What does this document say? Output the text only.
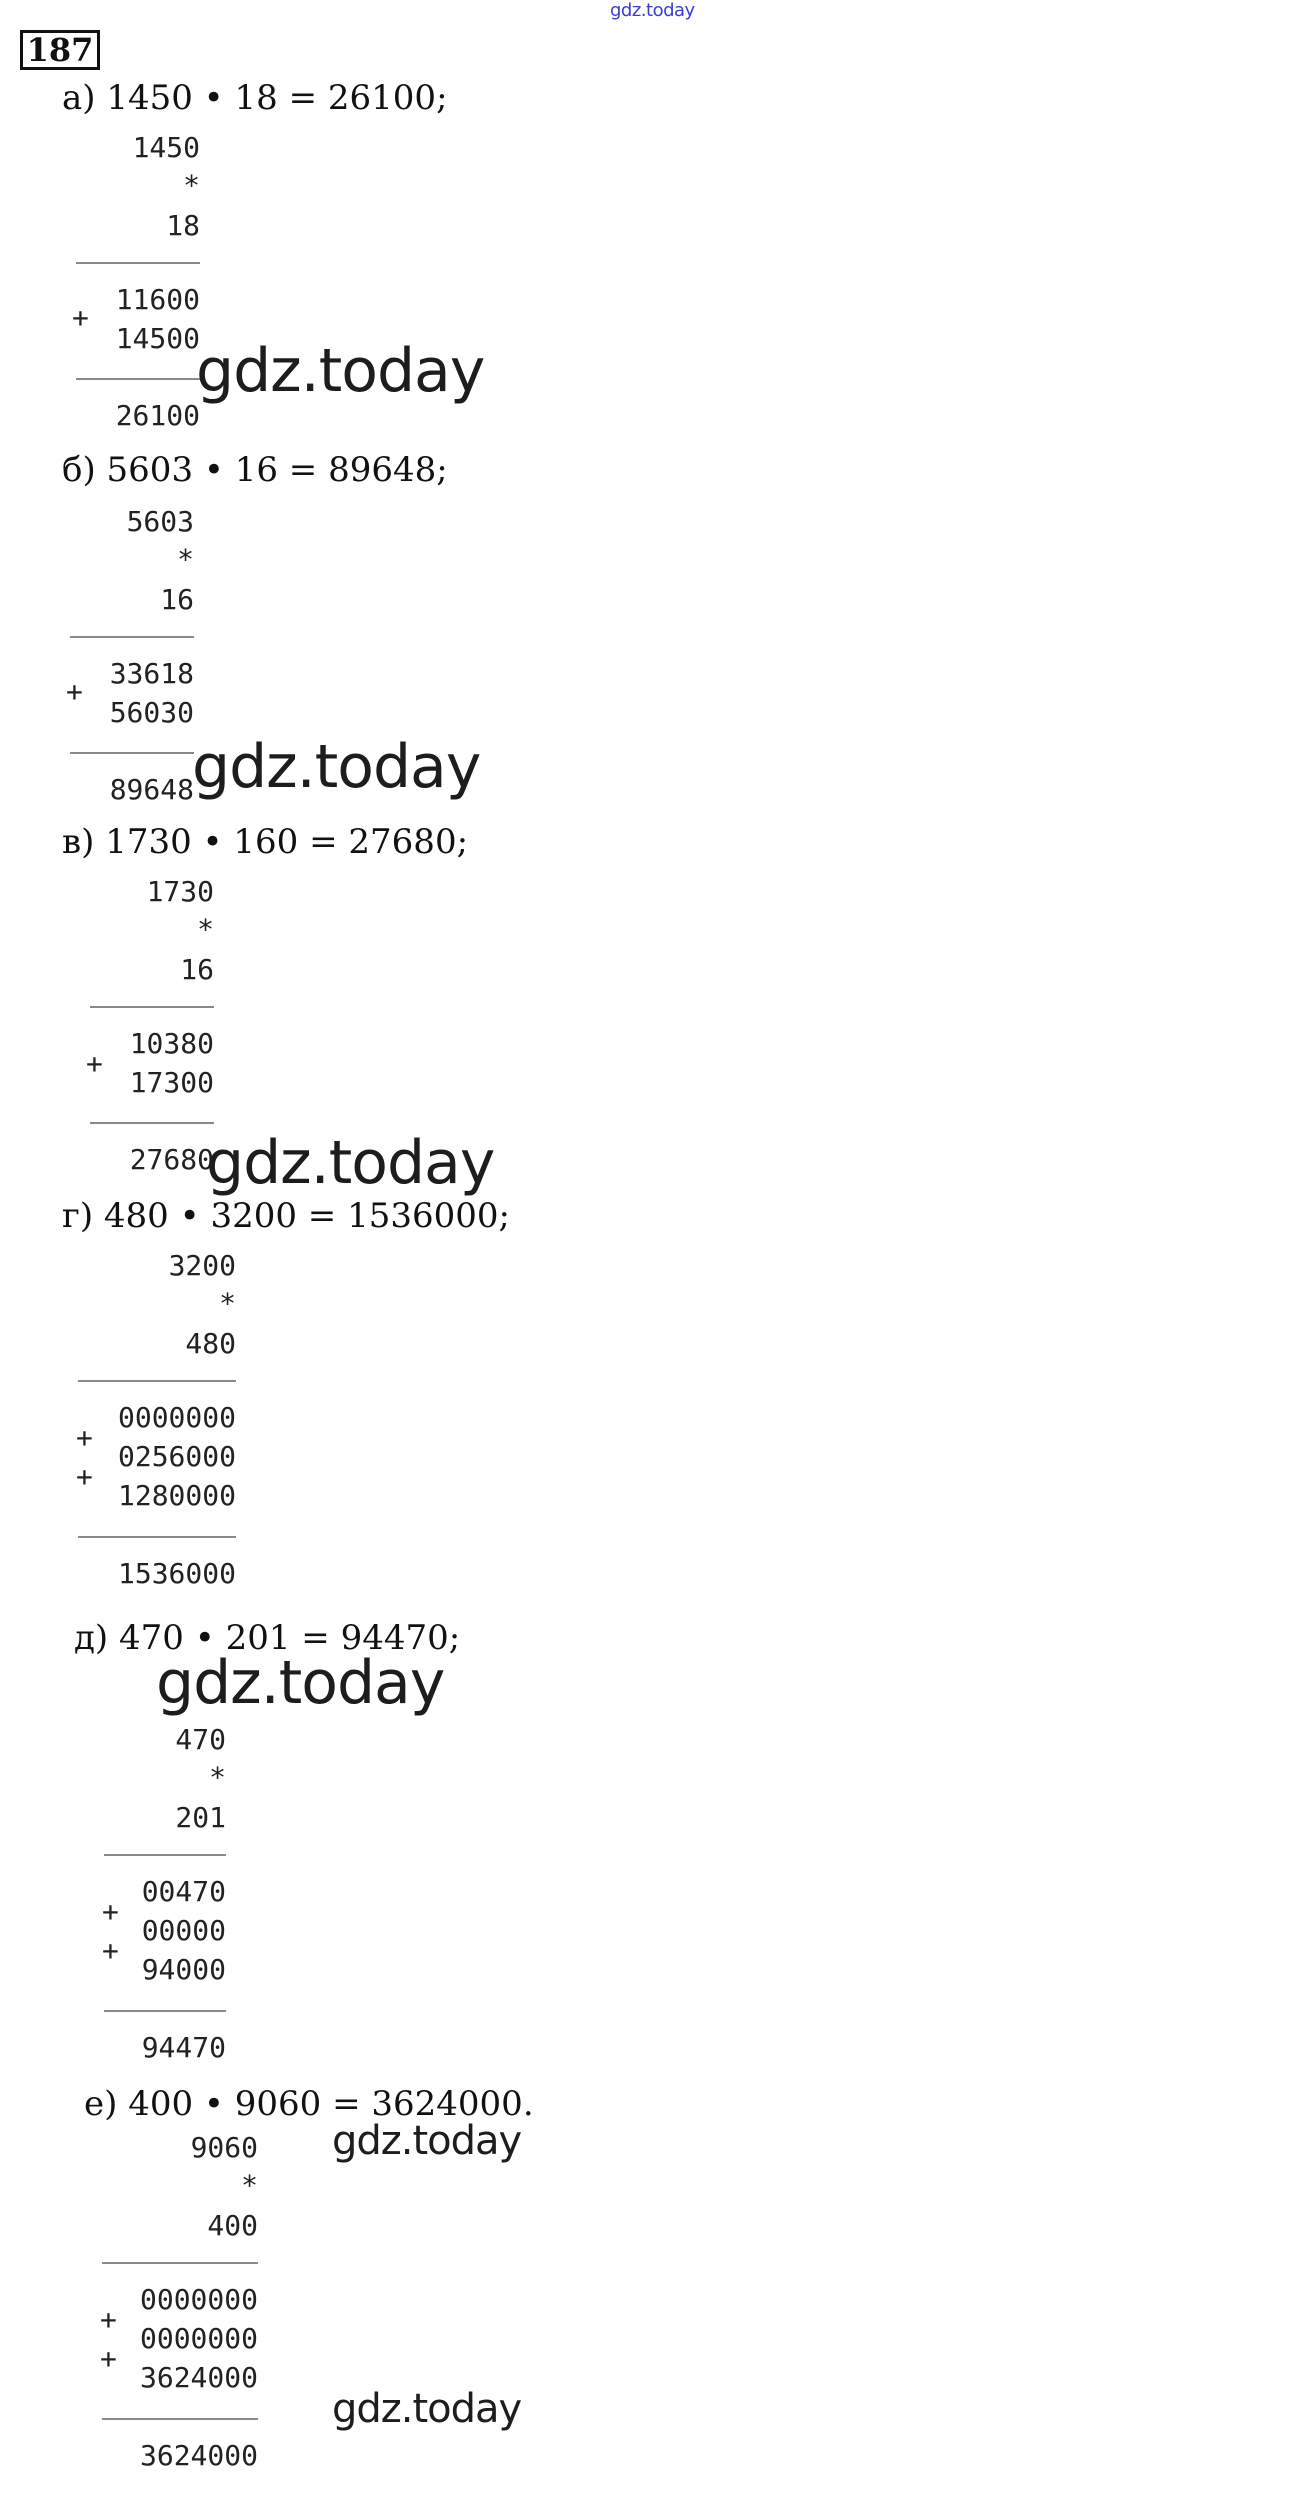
gdz.today
187
а) 1450 • 18 = 26100;
1450
*
18
+
11600
14500
26100
gdz.today
б) 5603 • 16 = 89648;
5603
*
16
+
33618
56030
89648
gdz.today
в) 1730 • 160 = 27680;
1730
*
16
+
10380
17300
27680
gdz.today
г) 480 • 3200 = 1536000;
3200
*
480
+
+
0000000
0256000
1280000
1536000
д) 470 • 201 = 94470;
gdz.today
470
*
201
+
+
00470
00000
94000
94470
е) 400 • 9060 = 3624000.
gdz.today
9060
*
400
+
+
0000000
0000000
3624000
3624000
gdz.today
